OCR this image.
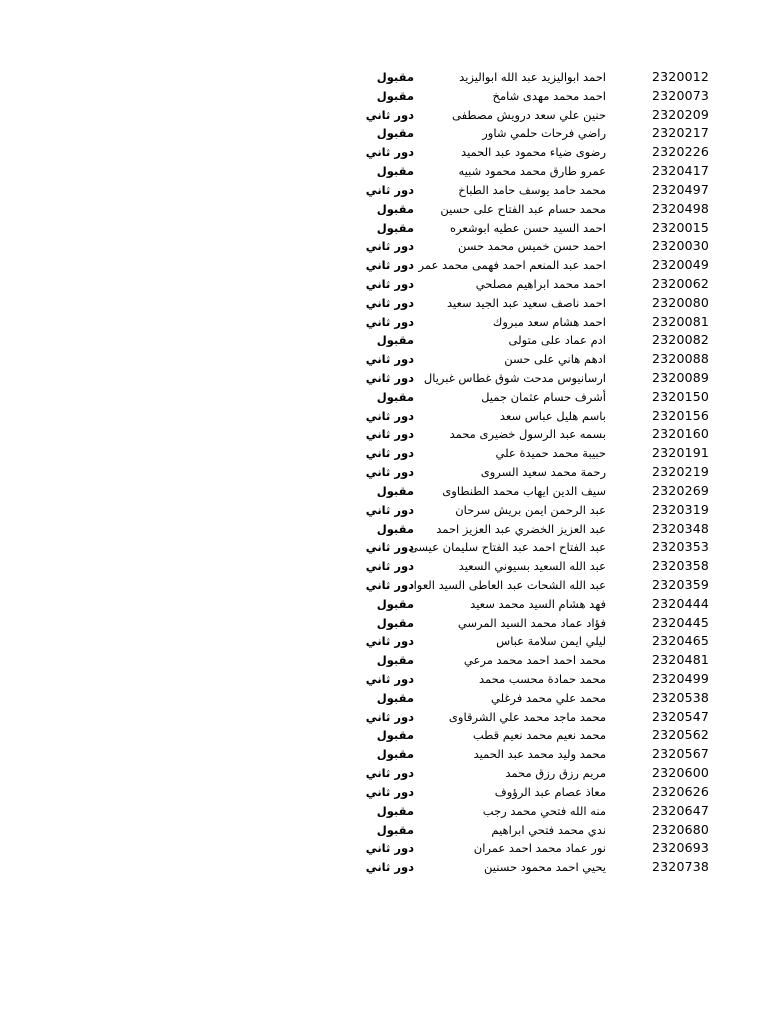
2320012
احمد ابواليزيد عبد الله ابواليزيد
مقبول
2320073
احمد محمد مهدى شامخ
مقبول
2320209
حنين علي سعد درويش مصطفى
دور ثاني
2320217
راضي فرحات حلمي شاور
مقبول
2320226
رضوى ضياء محمود عبد الحميد
دور ثاني
2320417
عمرو طارق محمد محمود شبيه
مقبول
2320497
محمد حامد يوسف حامد الطباخ
دور ثاني
2320498
محمد حسام عبد الفتاح على حسين
مقبول
2320015
احمد السيد حسن عطيه ابوشعره
مقبول
2320030
احمد حسن خميس محمد حسن
دور ثاني
2320049
احمد عبد المنعم احمد فهمى محمد عمر
دور ثاني
2320062
احمد محمد ابراهيم مصلحي
دور ثاني
2320080
احمد ناصف سعيد عبد الجيد سعيد
دور ثاني
2320081
احمد هشام سعد مبروك
دور ثاني
2320082
ادم عماد على متولى
مقبول
2320088
ادهم هاني على حسن
دور ثاني
2320089
ارسانيوس مدحت شوق غطاس غبريال
دور ثاني
2320150
أشرف حسام عثمان جميل
مقبول
2320156
باسم هليل عباس سعد
دور ثاني
2320160
بسمه عبد الرسول خضيرى محمد
دور ثاني
2320191
حبيبة محمد حميدة علي
دور ثاني
2320219
رحمة محمد سعيد السروى
دور ثاني
2320269
سيف الدين ايهاب محمد الطنطاوى
مقبول
2320319
عبد الرحمن ايمن بريش سرحان
دور ثاني
2320348
عبد العزيز الخضري عبد العزيز احمد
مقبول
2320353
عبد الفتاح احمد عبد الفتاح سليمان عيسى
دور ثاني
2320358
عبد الله السعيد بسيوني السعيد
دور ثاني
2320359
عبد الله الشحات عبد العاطى السيد العواد
دور ثاني
2320444
فهد هشام السيد محمد سعيد
مقبول
2320445
فؤاد عماد محمد السيد المرسي
مقبول
2320465
ليلي ايمن سلامة عباس
دور ثاني
2320481
محمد احمد احمد محمد مرعي
مقبول
2320499
محمد حمادة محسب محمد
دور ثاني
2320538
محمد علي محمد فرغلي
مقبول
2320547
محمد ماجد محمد علي الشرقاوى
دور ثاني
2320562
محمد نعيم محمد نعيم قطب
مقبول
2320567
محمد وليد محمد عبد الحميد
مقبول
2320600
مريم رزق رزق محمد
دور ثاني
2320626
معاذ عصام عبد الرؤوف
دور ثاني
2320647
منه الله فتحي محمد رجب
مقبول
2320680
ندي محمد فتحي ابراهيم
مقبول
2320693
نور عماد محمد احمد عمران
دور ثاني
2320738
يحيي احمد محمود حسنين
دور ثاني
